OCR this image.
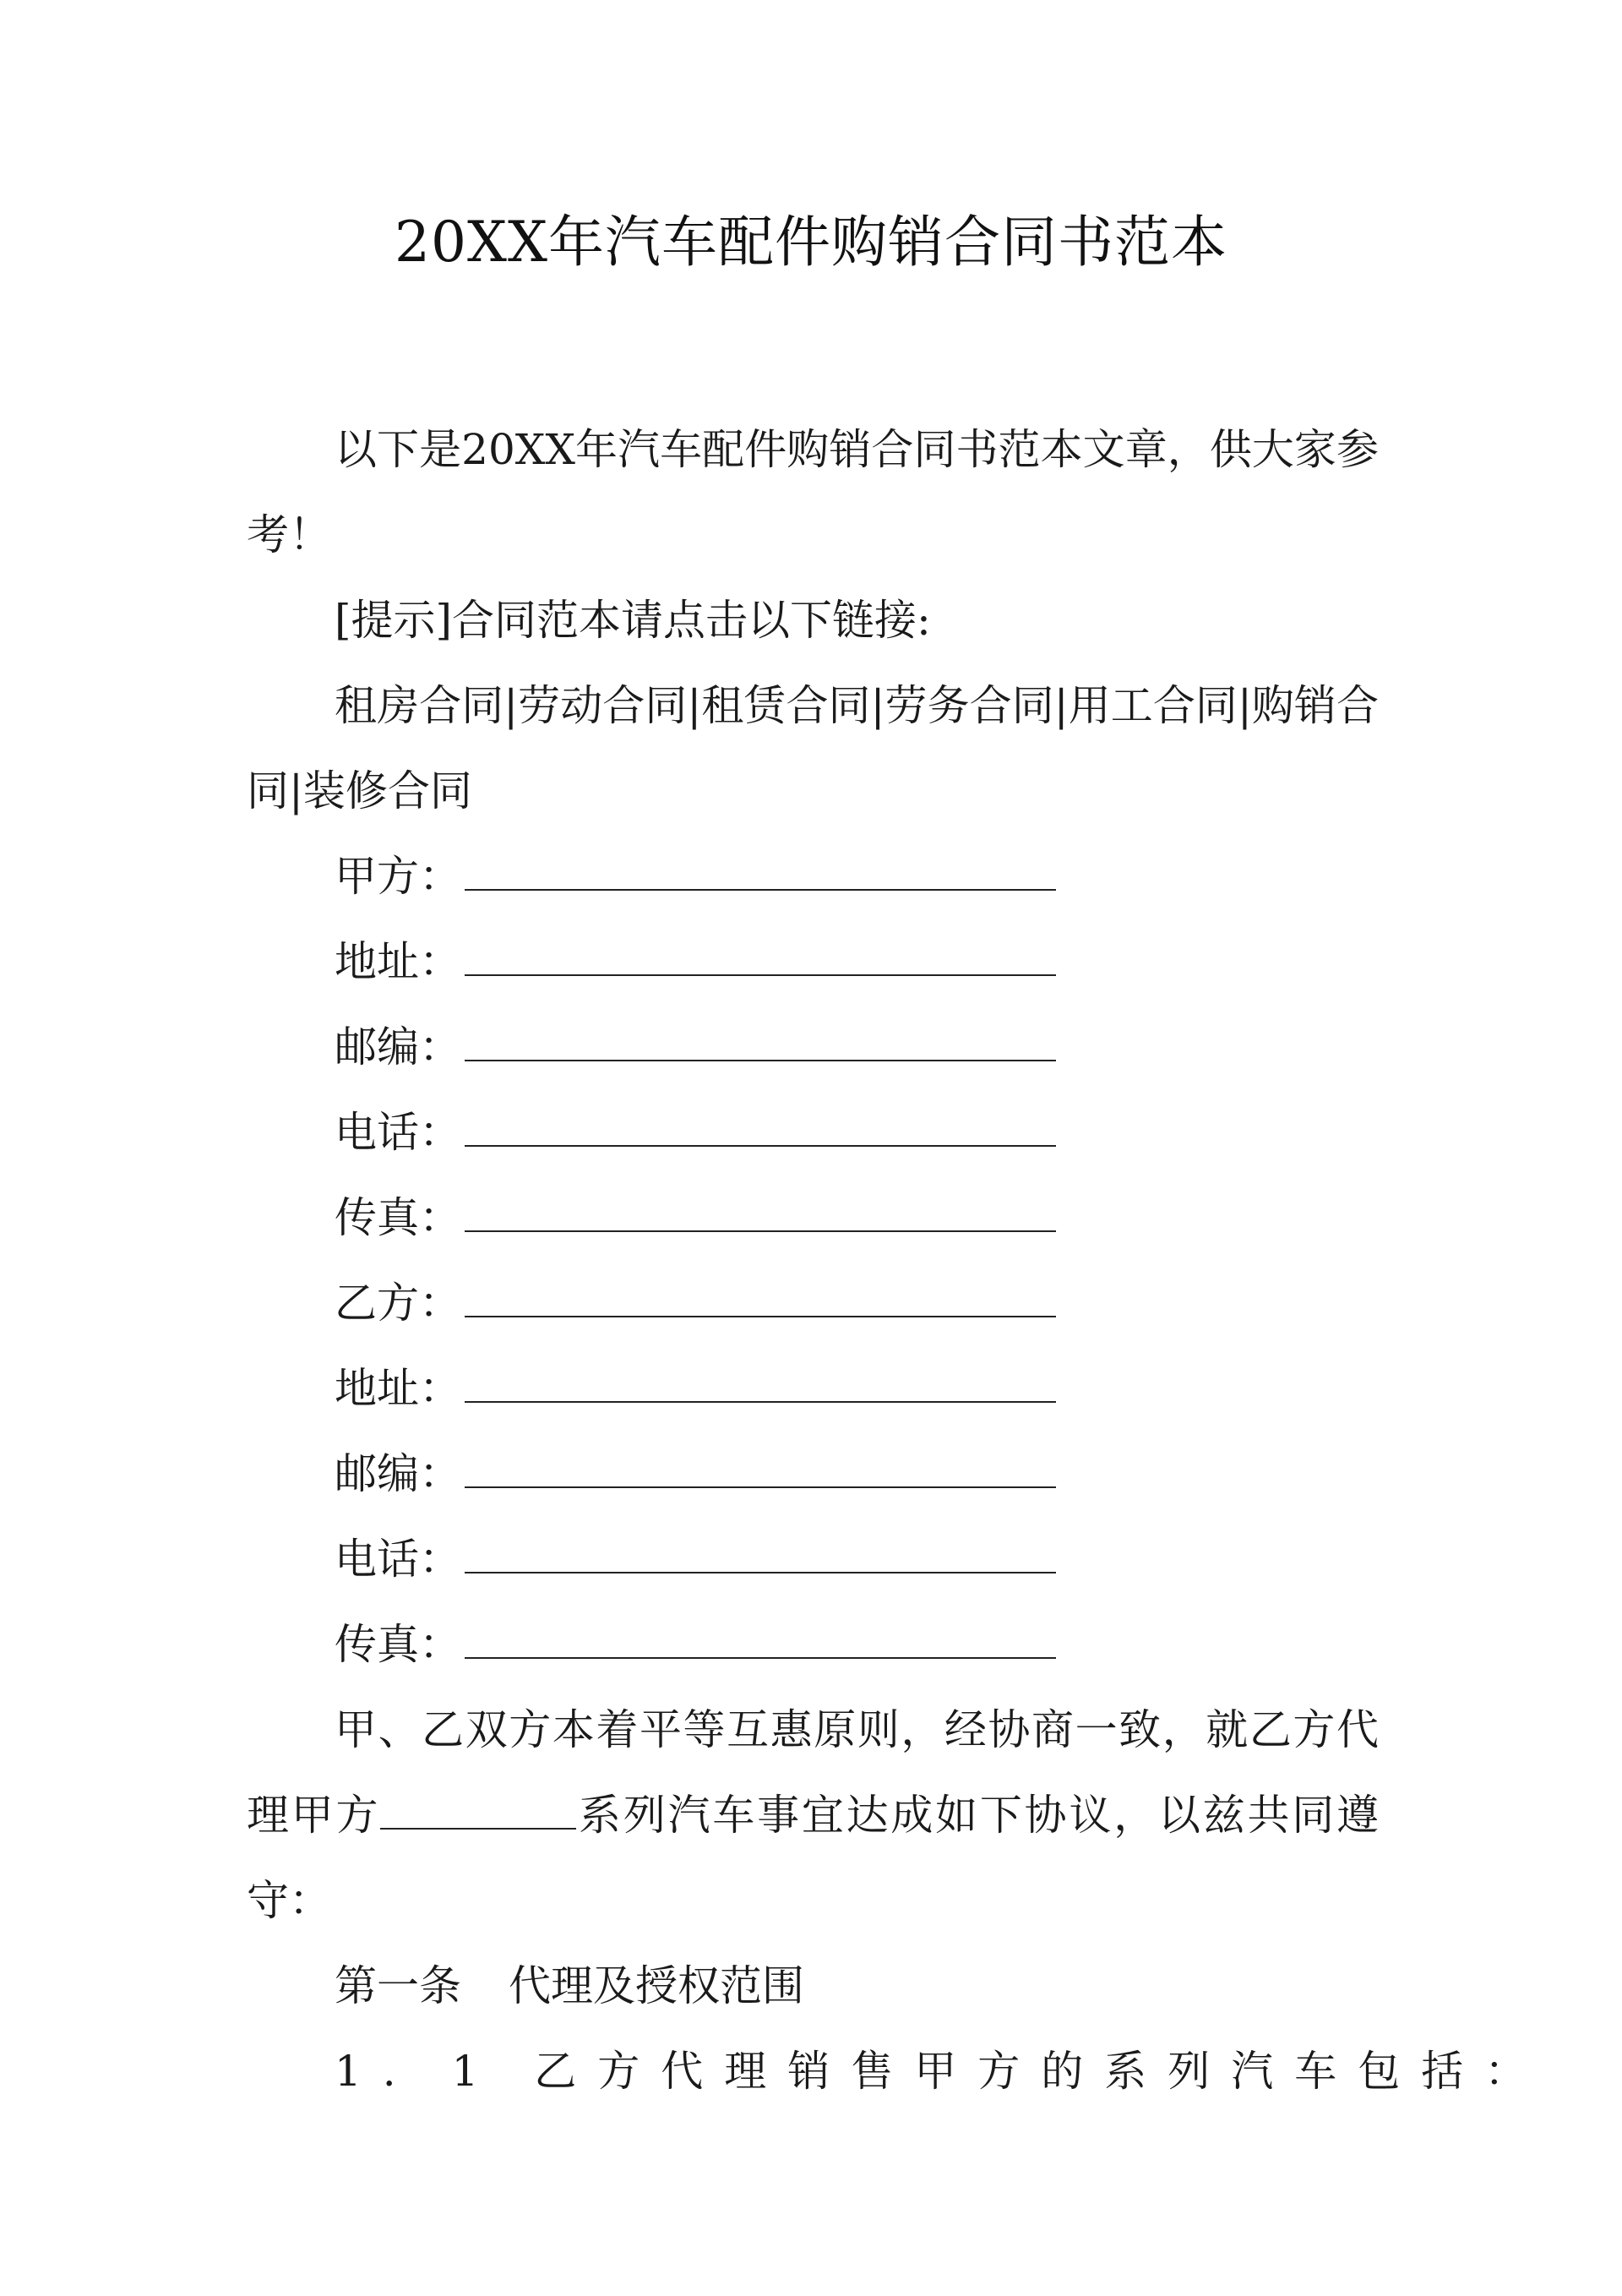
20XX年汽车配件购销合同书范本

以下是20XX年汽车配件购销合同书范本文章，供大家参考！

[提示]合同范本请点击以下链接:

租房合同|劳动合同|租赁合同|劳务合同|用工合同|购销合同|装修合同

甲方：

地址：

邮编：

电话：

传真：

乙方：

地址：

邮编：

电话：

传真：

甲、乙双方本着平等互惠原则，经协商一致，就乙方代理甲方	系列汽车事宜达成如下协议，以兹共同遵守：

第一条 代理及授权范围

1. 1 乙方代理销售甲方的系列汽车包括：
